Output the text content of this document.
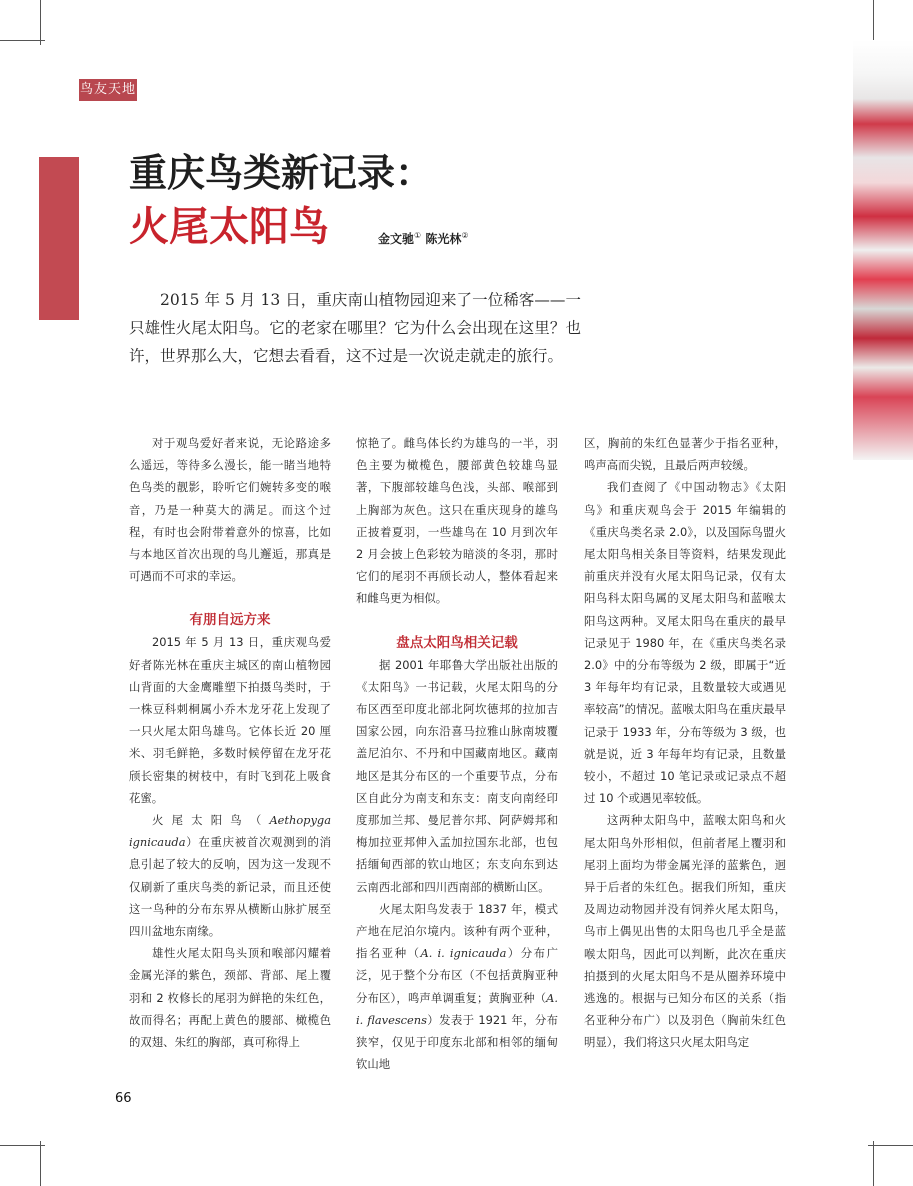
鸟友天地
重庆鸟类新记录：
火尾太阳鸟	金文驰① 陈光林②

2015 年 5 月 13 日，重庆南山植物园迎来了一位稀客——一只雄性火尾太阳鸟。它的老家在哪里？它为什么会出现在这里？也许，世界那么大，它想去看看，这不过是一次说走就走的旅行。

对于观鸟爱好者来说，无论路途多么遥远，等待多么漫长，能一睹当地特色鸟类的靓影，聆听它们婉转多变的喉音，乃是一种莫大的满足。而这个过程，有时也会附带着意外的惊喜，比如与本地区首次出现的鸟儿邂逅，那真是可遇而不可求的幸运。

有朋自远方来

2015 年 5 月 13 日，重庆观鸟爱好者陈光林在重庆主城区的南山植物园山背面的大金鹰雕塑下拍摄鸟类时，于一株豆科刺桐属小乔木龙牙花上发现了一只火尾太阳鸟雄鸟。它体长近 20 厘米、羽毛鲜艳，多数时候停留在龙牙花颀长密集的树枝中，有时飞到花上吸食花蜜。

火尾太阳鸟（Aethopyga ignicauda）在重庆被首次观测到的消息引起了较大的反响，因为这一发现不仅刷新了重庆鸟类的新记录，而且还使这一鸟种的分布东界从横断山脉扩展至四川盆地东南缘。

雄性火尾太阳鸟头顶和喉部闪耀着金属光泽的紫色，颈部、背部、尾上覆羽和 2 枚修长的尾羽为鲜艳的朱红色，故而得名；再配上黄色的腰部、橄榄色的双翅、朱红的胸部，真可称得上

惊艳了。雌鸟体长约为雄鸟的一半，羽色主要为橄榄色，腰部黄色较雄鸟显著，下腹部较雄鸟色浅，头部、喉部到上胸部为灰色。这只在重庆现身的雄鸟正披着夏羽，一些雄鸟在 10 月到次年 2 月会披上色彩较为暗淡的冬羽，那时它们的尾羽不再颀长动人，整体看起来和雌鸟更为相似。

盘点太阳鸟相关记载

据 2001 年耶鲁大学出版社出版的《太阳鸟》一书记载，火尾太阳鸟的分布区西至印度北部北阿坎德邦的拉加吉国家公园，向东沿喜马拉雅山脉南坡覆盖尼泊尔、不丹和中国藏南地区。藏南地区是其分布区的一个重要节点，分布区自此分为南支和东支：南支向南经印度那加兰邦、曼尼普尔邦、阿萨姆邦和梅加拉亚邦伸入孟加拉国东北部，也包括缅甸西部的钦山地区；东支向东到达云南西北部和四川西南部的横断山区。

火尾太阳鸟发表于 1837 年，模式产地在尼泊尔境内。该种有两个亚种，指名亚种（A. i. ignicauda）分布广泛，见于整个分布区（不包括黄胸亚种分布区），鸣声单调重复；黄胸亚种（A. i. flavescens）发表于 1921 年，分布狭窄，仅见于印度东北部和相邻的缅甸钦山地

区，胸前的朱红色显著少于指名亚种，鸣声高而尖锐，且最后两声较缓。

我们查阅了《中国动物志》《太阳鸟》和重庆观鸟会于 2015 年编辑的《重庆鸟类名录 2.0》，以及国际鸟盟火尾太阳鸟相关条目等资料，结果发现此前重庆并没有火尾太阳鸟记录，仅有太阳鸟科太阳鸟属的叉尾太阳鸟和蓝喉太阳鸟这两种。叉尾太阳鸟在重庆的最早记录见于 1980 年，在《重庆鸟类名录 2.0》中的分布等级为 2 级，即属于“近 3 年每年均有记录，且数量较大或遇见率较高”的情况。蓝喉太阳鸟在重庆最早记录于 1933 年，分布等级为 3 级，也就是说，近 3 年每年均有记录，且数量较小，不超过 10 笔记录或记录点不超过 10 个或遇见率较低。

这两种太阳鸟中，蓝喉太阳鸟和火尾太阳鸟外形相似，但前者尾上覆羽和尾羽上面均为带金属光泽的蓝紫色，迥异于后者的朱红色。据我们所知，重庆及周边动物园并没有饲养火尾太阳鸟，鸟市上偶见出售的太阳鸟也几乎全是蓝喉太阳鸟，因此可以判断，此次在重庆拍摄到的火尾太阳鸟不是从圈养环境中逃逸的。根据与已知分布区的关系（指名亚种分布广）以及羽色（胸前朱红色明显），我们将这只火尾太阳鸟定

66
